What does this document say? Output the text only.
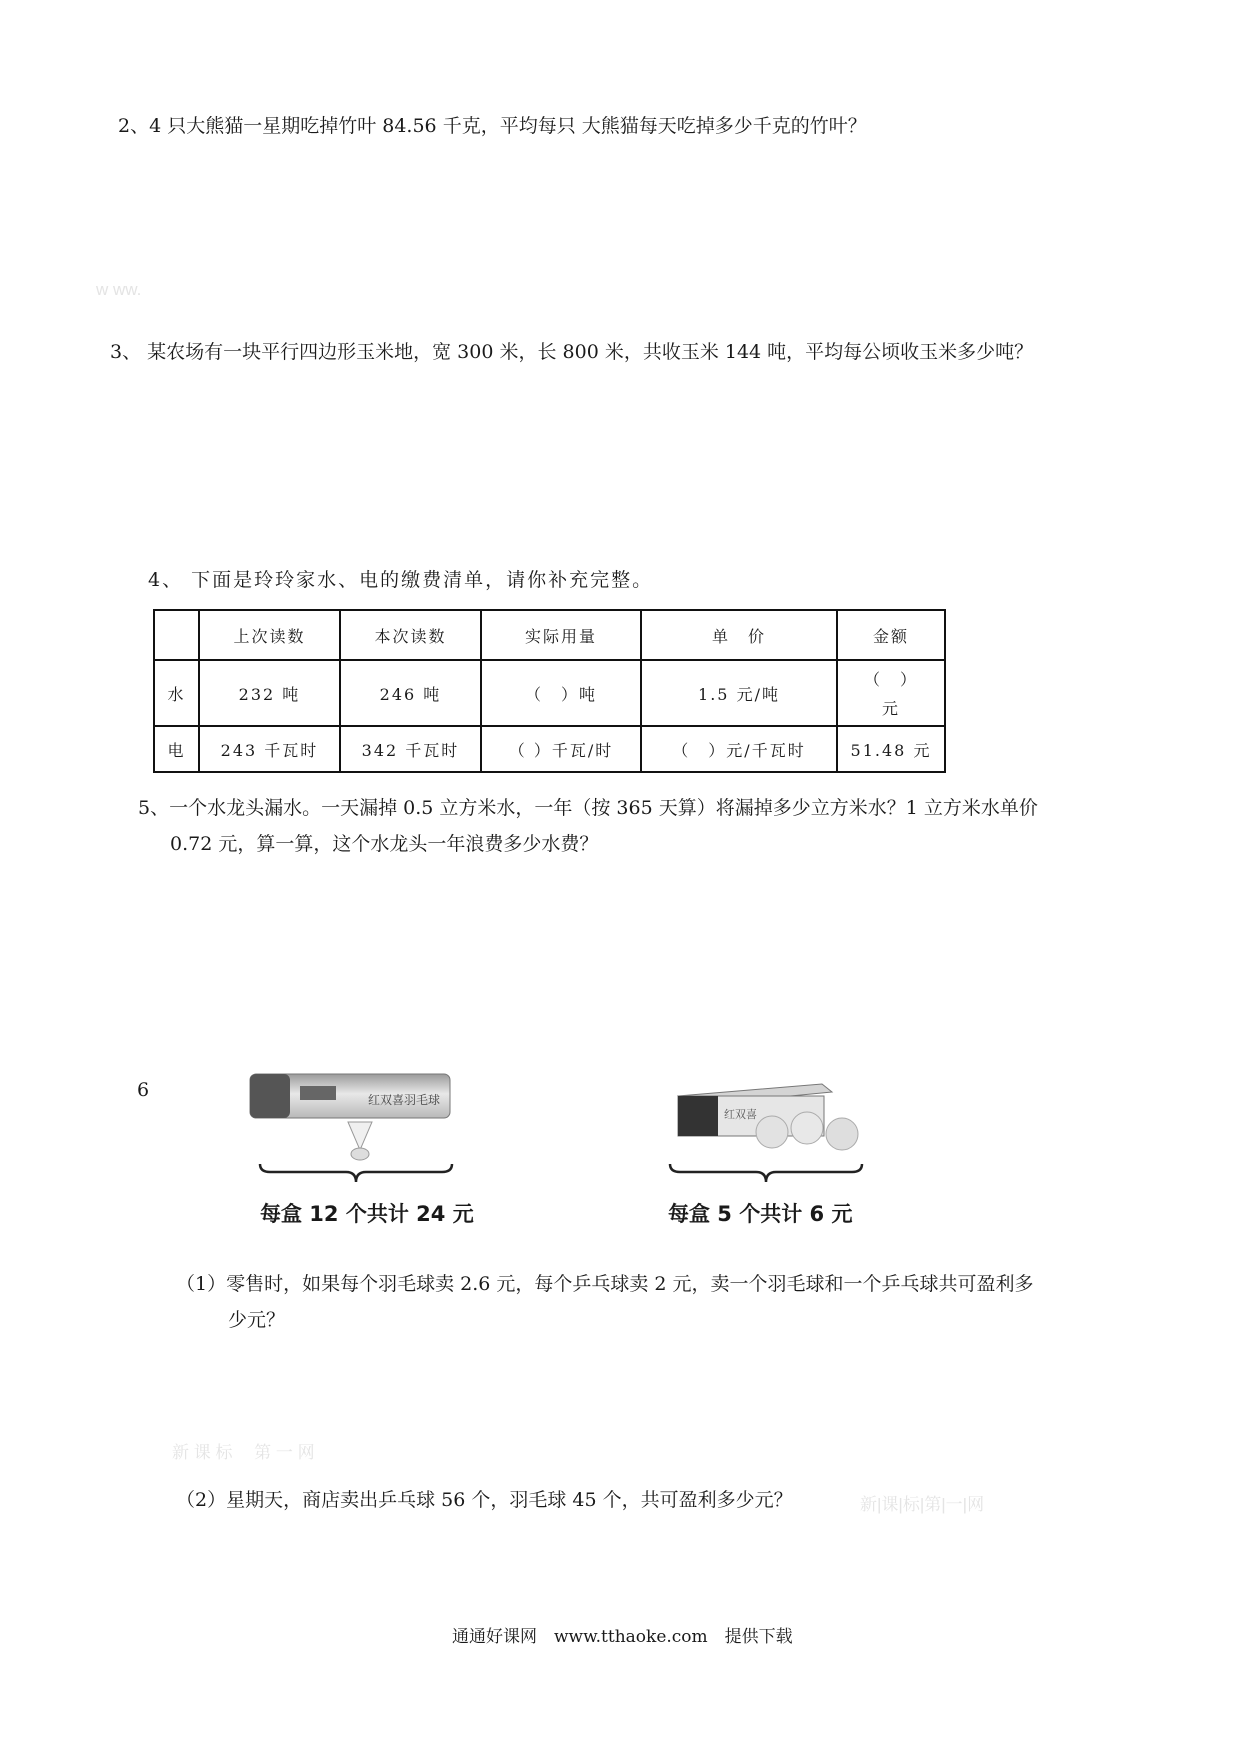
2、4 只大熊猫一星期吃掉竹叶 84.56 千克，平均每只 大熊猫每天吃掉多少千克的竹叶？
w ww.
3、 某农场有一块平行四边形玉米地，宽 300 米，长 800 米，共收玉米 144 吨，平均每公顷收玉米多少吨？
4、 下面是玲玲家水、电的缴费清单，请你补充完整。
	上次读数	本次读数	实际用量	单　价	金额
水	232 吨	246 吨	（　）吨	1.5 元/吨	（　）
元

电	243 千瓦时	342 千瓦时	（ ）千瓦/时	（　）元/千瓦时	51.48 元
5、一个水龙头漏水。一天漏掉 0.5 立方米水，一年（按 365 天算）将漏掉多少立方米水？1 立方米水单价
0.72 元，算一算，这个水龙头一年浪费多少水费？
6	红双喜羽毛球
每盒 12 个共计 24 元
红双喜
每盒 5 个共计 6 元
（1）零售时，如果每个羽毛球卖 2.6 元，每个乒乓球卖 2 元，卖一个羽毛球和一个乒乓球共可盈利多
少元？
新 课 标　 第 一 网
（2）星期天，商店卖出乒乓球 56 个，羽毛球 45 个，共可盈利多少元？	新|课|标|第|一|网
通通好课网　www.tthaoke.com　提供下载
